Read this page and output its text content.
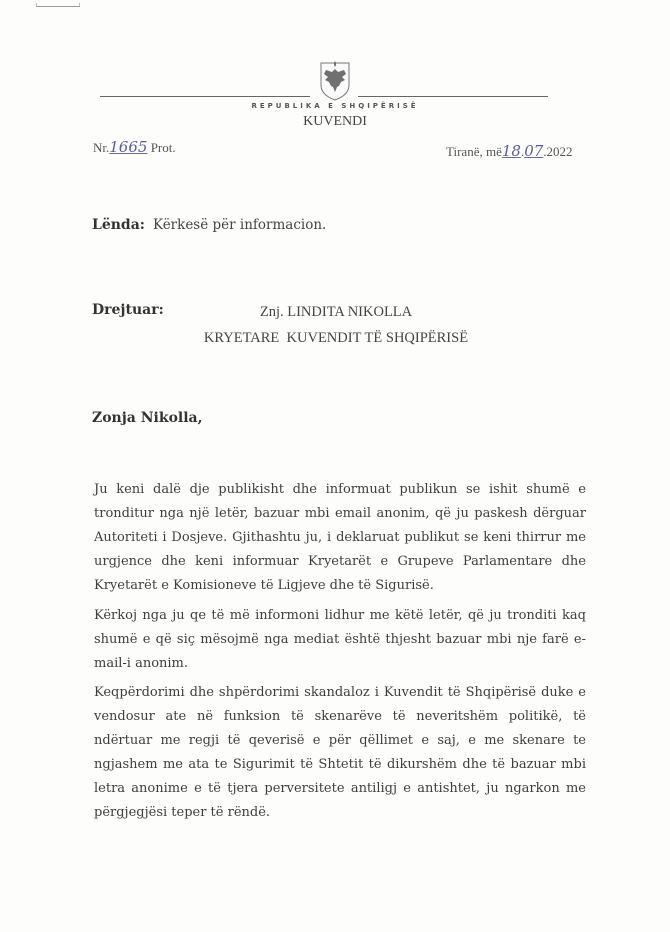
REPUBLIKA E SHQIPËRISË
KUVENDI
Nr.1665 Prot.	Tiranë, më18.07.2022
Lënda: Kërkesë për informacion.
Drejtuar:	Znj. LINDITA NIKOLLA
KRYETARE  KUVENDIT TË SHQIPËRISË
Zonja Nikolla,

Ju keni dalë dje publikisht dhe informuat publikun se ishit shumë e tronditur nga një letër, bazuar mbi email anonim, që ju paskesh dërguar Autoriteti i Dosjeve. Gjithashtu ju, i deklaruat publikut se keni thirrur me urgjence dhe keni informuar Kryetarët e Grupeve Parlamentare dhe Kryetarët e Komisioneve të Ligjeve dhe të Sigurisë.

Kërkoj nga ju qe të më informoni lidhur me këtë letër, që ju tronditi kaq shumë e që siç mësojmë nga mediat është thjesht bazuar mbi nje farë e-mail-i anonim.

Keqpërdorimi dhe shpërdorimi skandaloz i Kuvendit të Shqipërisë duke e vendosur ate në funksion të skenarëve të neveritshëm politikë, të ndërtuar me regji të qeverisë e për qëllimet e saj, e me skenare te ngjashem me ata te Sigurimit të Shtetit të dikurshëm dhe të bazuar mbi letra anonime e të tjera perversitete antiligj e antishtet, ju ngarkon me përgjegjësi teper të rëndë.
